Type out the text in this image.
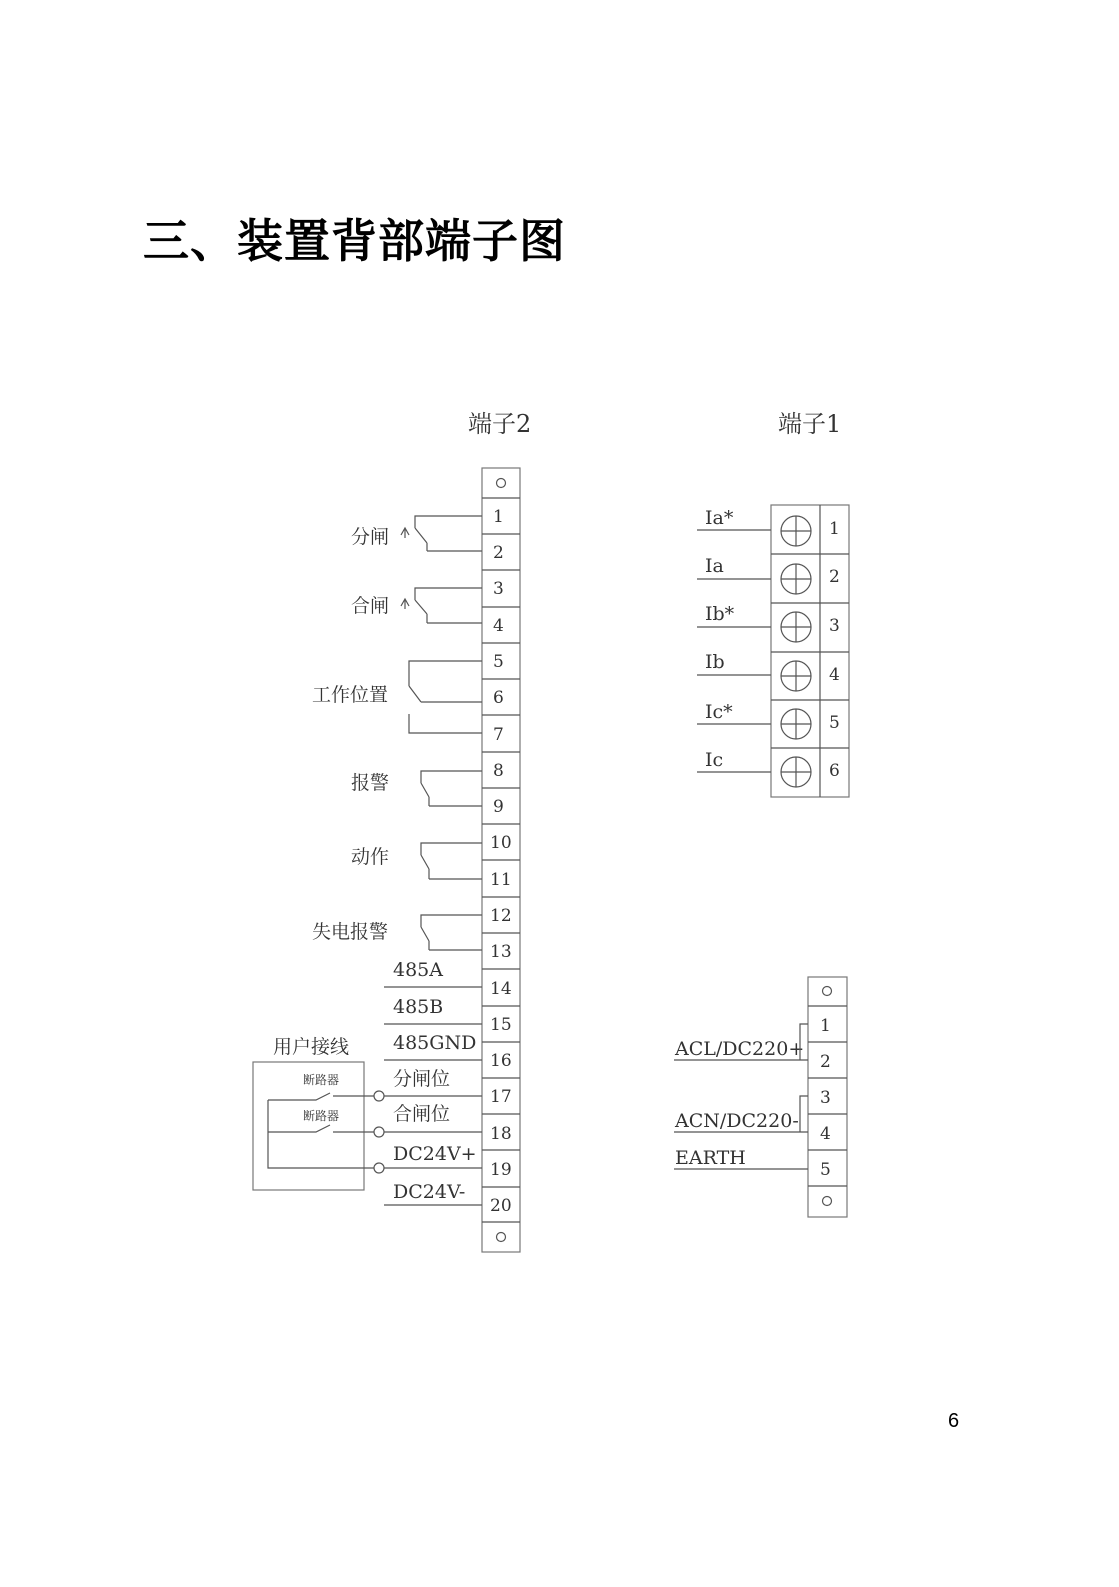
三、装置背部端子图
端子2
1
2
3
4
5
6
7
8
9
10
11
12
13
14
15
16
17
18
19
20
分闸
合闸
工作位置
报警
动作
失电报警
485A
485B
485GND
分闸位
合闸位
DC24V+
DC24V-
用户接线
断路器
断路器
端子1
1
2
3
4
5
6
Ia*
Ia
Ib*
Ib
Ic*
Ic
1
2
3
4
5
ACL/DC220+
ACN/DC220-
EARTH
6
